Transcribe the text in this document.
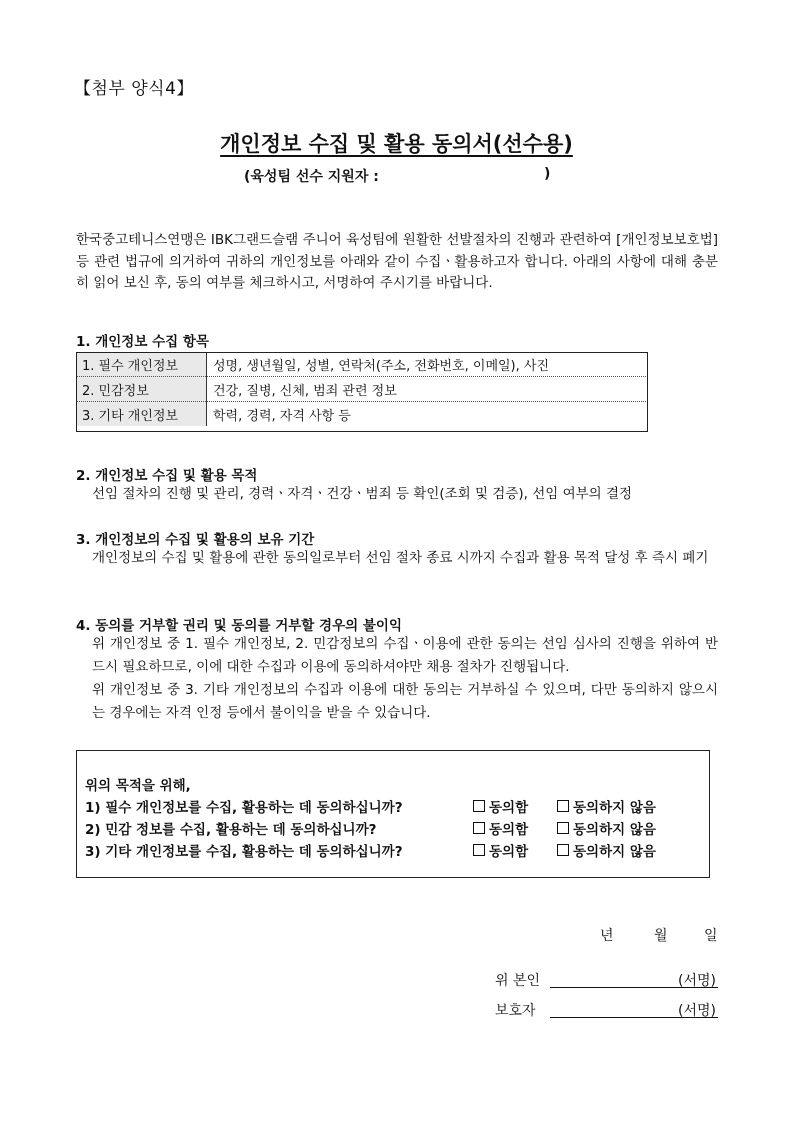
【첨부 양식4】
개인정보 수집 및 활용 동의서(선수용)
(육성팀 선수 지원자 :	)
한국중고테니스연맹은 IBK그랜드슬램 주니어 육성팀에 원활한 선발절차의 진행과 관련하여 [개인정보보호법] 등 관련 법규에 의거하여 귀하의 개인정보를 아래와 같이 수집ㆍ활용하고자 합니다. 아래의 사항에 대해 충분히 읽어 보신 후, 동의 여부를 체크하시고, 서명하여 주시기를 바랍니다.
1. 개인정보 수집 항목
1. 필수 개인정보	성명, 생년월일, 성별, 연락처(주소, 전화번호, 이메일), 사진
2. 민감정보	건강, 질병, 신체, 범죄 관련 정보
3. 기타 개인정보	학력, 경력, 자격 사항 등
2. 개인정보 수집 및 활용 목적
선임 절차의 진행 및 관리, 경력ㆍ자격ㆍ건강ㆍ범죄 등 확인(조회 및 검증), 선임 여부의 결정
3. 개인정보의 수집 및 활용의 보유 기간
개인정보의 수집 및 활용에 관한 동의일로부터 선임 절차 종료 시까지 수집과 활용 목적 달성 후 즉시 폐기
4. 동의를 거부할 권리 및 동의를 거부할 경우의 불이익
위 개인정보 중 1. 필수 개인정보, 2. 민감정보의 수집ㆍ이용에 관한 동의는 선임 심사의 진행을 위하여 반드시 필요하므로, 이에 대한 수집과 이용에 동의하셔야만 채용 절차가 진행됩니다.
위 개인정보 중 3. 기타 개인정보의 수집과 이용에 대한 동의는 거부하실 수 있으며, 다만 동의하지 않으시는 경우에는 자격 인정 등에서 불이익을 받을 수 있습니다.
위의 목적을 위해,
1) 필수 개인정보를 수집, 활용하는 데 동의하십니까?	동의함	동의하지 않음
2) 민감 정보를 수집, 활용하는 데 동의하십니까?	동의함	동의하지 않음
3) 기타 개인정보를 수집, 활용하는 데 동의하십니까?	동의함	동의하지 않음
년	월	일
위 본인	(서명)
보호자	(서명)
